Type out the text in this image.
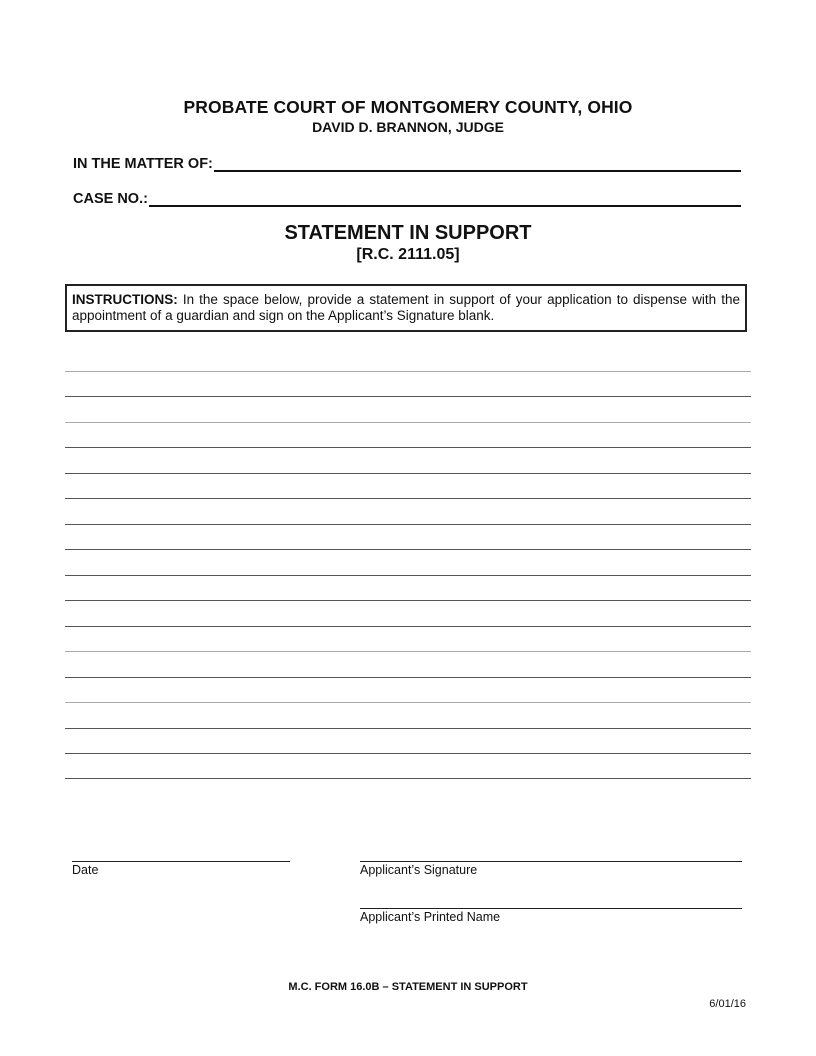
PROBATE COURT OF MONTGOMERY COUNTY, OHIO
DAVID D. BRANNON, JUDGE
IN THE MATTER OF:
CASE NO.:
STATEMENT IN SUPPORT
[R.C. 2111.05]
INSTRUCTIONS: In the space below, provide a statement in support of your application to dispense with the appointment of a guardian and sign on the Applicant’s Signature blank.
Date	Applicant’s Signature
Applicant’s Printed Name
M.C. FORM 16.0B – STATEMENT IN SUPPORT
6/01/16
